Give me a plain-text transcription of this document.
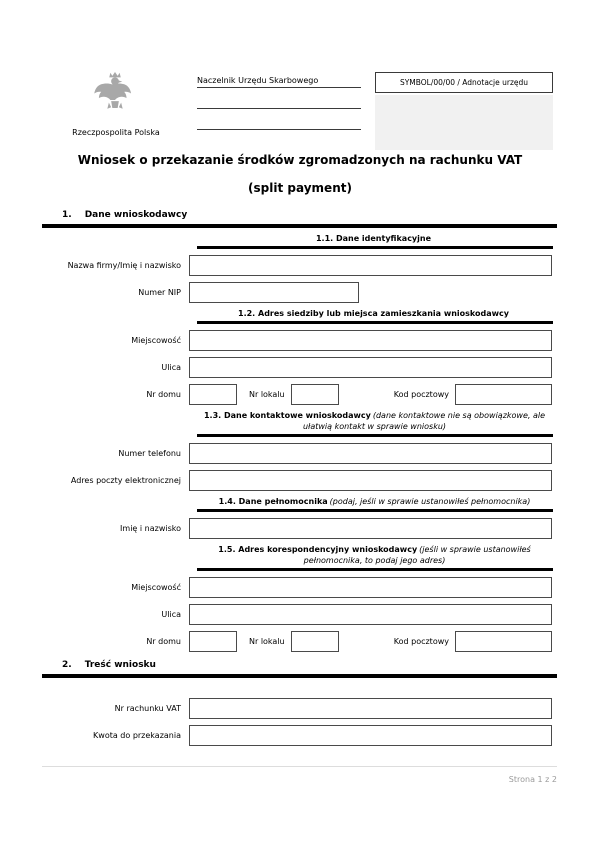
Rzeczpospolita Polska
Naczelnik Urzędu Skarbowego	SYMBOL/00/00 / Adnotacje urzędu
Wniosek o przekazanie środków zgromadzonych na rachunku VAT
(split payment)
1. Dane wnioskodawcy
1.1. Dane identyfikacyjne
Nazwa firmy/Imię i nazwisko
Numer NIP
1.2. Adres siedziby lub miejsca zamieszkania wnioskodawcy
Miejscowość
Ulica
Nr domu	Nr lokalu	Kod pocztowy
1.3. Dane kontaktowe wnioskodawcy (dane kontaktowe nie są obowiązkowe, ale ułatwią kontakt w sprawie wniosku)
Numer telefonu
Adres poczty elektronicznej
1.4. Dane pełnomocnika (podaj, jeśli w sprawie ustanowiłeś pełnomocnika)
Imię i nazwisko
1.5. Adres korespondencyjny wnioskodawcy (jeśli w sprawie ustanowiłeś pełnomocnika, to podaj jego adres)
Miejscowość
Ulica
Nr domu	Nr lokalu	Kod pocztowy
2. Treść wniosku
Nr rachunku VAT
Kwota do przekazania
Strona 1 z 2
